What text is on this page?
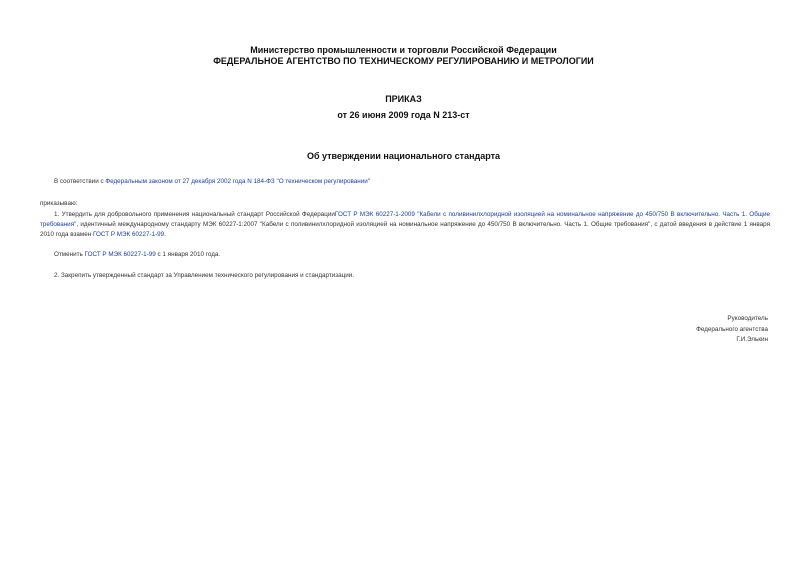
Министерство промышленности и торговли Российской Федерации
ФЕДЕРАЛЬНОЕ АГЕНТСТВО ПО ТЕХНИЧЕСКОМУ РЕГУЛИРОВАНИЮ И МЕТРОЛОГИИ
ПРИКАЗ
от 26 июня 2009 года N 213-ст
Об утверждении национального стандарта
В соответствии с Федеральным законом от 27 декабря 2002 года N 184-ФЗ "О техническом регулировании"
приказываю:
1. Утвердить для добровольного применения национальный стандарт Российской ФедерацииГОСТ Р МЭК 60227-1-2009 "Кабели с поливинилхлоридной изоляцией на номинальное напряжение до 450/750 В включительно. Часть 1. Общие требования", идентичный международному стандарту МЭК 60227-1:2007 "Кабели с поливинилхлоридной изоляцией на номинальное напряжение до 450/750 В включительно. Часть 1. Общие требования", с датой введения в действие 1 января 2010 года взамен ГОСТ Р МЭК 60227-1-99.
Отменить ГОСТ Р МЭК 60227-1-99 с 1 января 2010 года.
2. Закрепить утвержденный стандарт за Управлением технического регулирования и стандартизации.
Руководитель
Федерального агентства
Г.И.Элькин
